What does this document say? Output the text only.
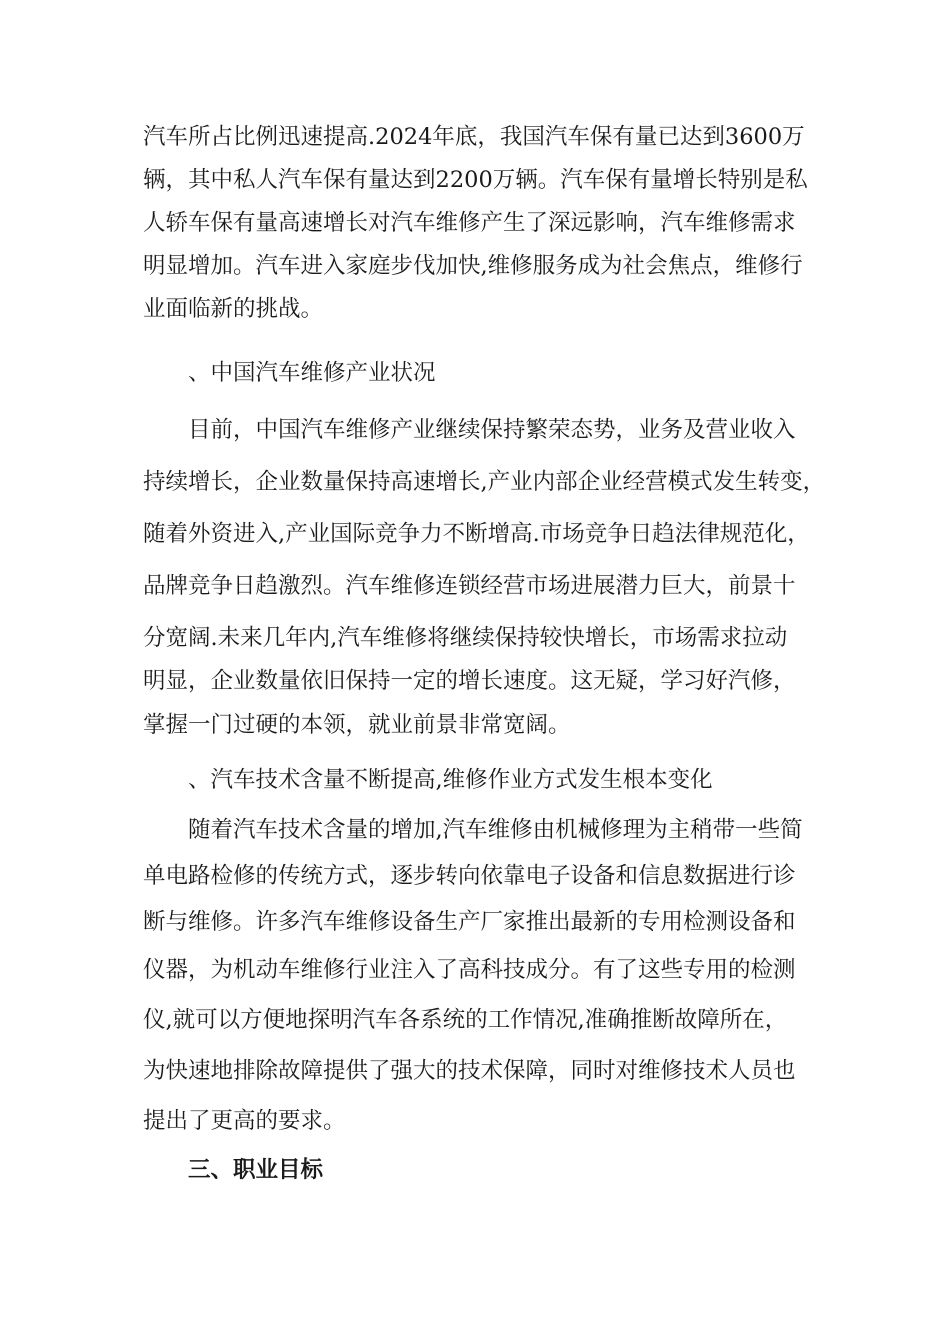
汽车所占比例迅速提高.2024年底，我国汽车保有量已达到3600万
辆，其中私人汽车保有量达到2200万辆。汽车保有量增长特别是私
人轿车保有量高速增长对汽车维修产生了深远影响，汽车维修需求
明显增加。汽车进入家庭步伐加快,维修服务成为社会焦点，维修行
业面临新的挑战。
、中国汽车维修产业状况
目前，中国汽车维修产业继续保持繁荣态势，业务及营业收入
持续增长，企业数量保持高速增长,产业内部企业经营模式发生转变，
随着外资进入,产业国际竞争力不断增高.市场竞争日趋法律规范化，
品牌竞争日趋激烈。汽车维修连锁经营市场进展潜力巨大，前景十
分宽阔.未来几年内,汽车维修将继续保持较快增长，市场需求拉动
明显，企业数量依旧保持一定的增长速度。这无疑，学习好汽修，
掌握一门过硬的本领，就业前景非常宽阔。
、汽车技术含量不断提高,维修作业方式发生根本变化
随着汽车技术含量的增加,汽车维修由机械修理为主稍带一些简
单电路检修的传统方式，逐步转向依靠电子设备和信息数据进行诊
断与维修。许多汽车维修设备生产厂家推出最新的专用检测设备和
仪器，为机动车维修行业注入了高科技成分。有了这些专用的检测
仪,就可以方便地探明汽车各系统的工作情况,准确推断故障所在，
为快速地排除故障提供了强大的技术保障，同时对维修技术人员也
提出了更高的要求。
三、职业目标
